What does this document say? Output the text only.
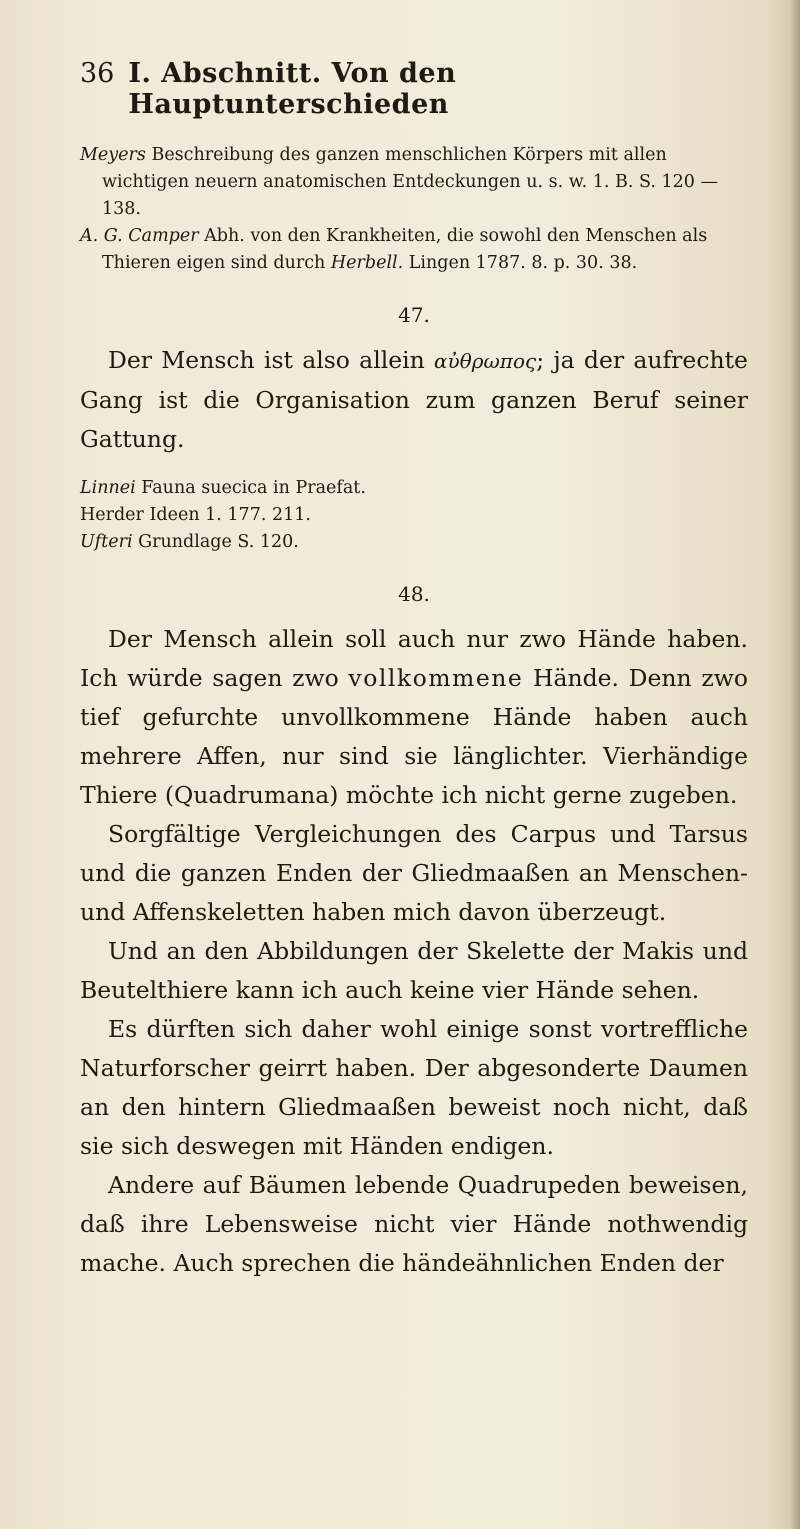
36 I. Abschnitt. Von den Hauptunterschieden

Meyers Beschreibung des ganzen menschlichen Körpers mit allen wichtigen neuern anatomischen Entdeckungen u. s. w. 1. B. S. 120 — 138.

A. G. Camper Abh. von den Krankheiten, die sowohl den Menschen als Thieren eigen sind durch Herbell. Lingen 1787. 8. p. 30. 38.

47.

Der Mensch ist also allein αὐθρωπος; ja der aufrechte Gang ist die Organisation zum ganzen Beruf seiner Gattung.

Linnei Fauna suecica in Praefat.

Herder Ideen 1. 177. 211.

Ufteri Grundlage S. 120.

48.

Der Mensch allein soll auch nur zwo Hände haben. Ich würde sagen zwo vollkommene Hände. Denn zwo tief gefurchte unvollkommene Hände haben auch mehrere Affen, nur sind sie länglichter. Vierhändige Thiere (Quadrumana) möchte ich nicht gerne zugeben.

Sorgfältige Vergleichungen des Carpus und Tarsus und die ganzen Enden der Gliedmaaßen an Menschen- und Affenskeletten haben mich davon überzeugt.

Und an den Abbildungen der Skelette der Makis und Beutelthiere kann ich auch keine vier Hände sehen.

Es dürften sich daher wohl einige sonst vortreffliche Naturforscher geirrt haben. Der abgesonderte Daumen an den hintern Gliedmaaßen beweist noch nicht, daß sie sich deswegen mit Händen endigen.

Andere auf Bäumen lebende Quadrupeden beweisen, daß ihre Lebensweise nicht vier Hände nothwendig mache. Auch sprechen die händeähnlichen Enden der
